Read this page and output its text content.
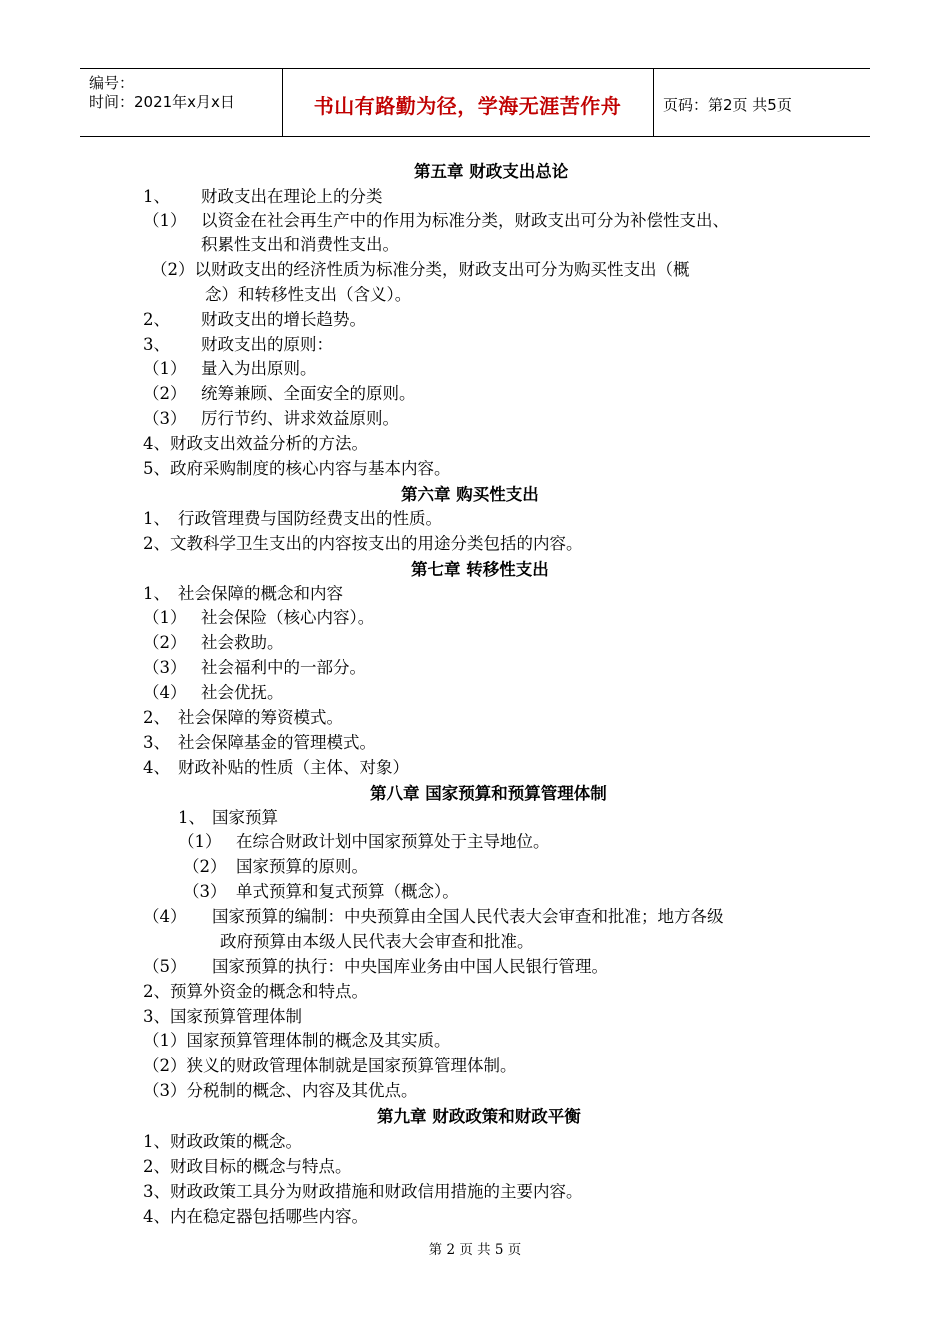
编号：
时间：2021年x月x日	书山有路勤为径，学海无涯苦作舟	页码：第2页 共5页
第五章 财政支出总论
1、 财政支出在理论上的分类
（1） 以资金在社会再生产中的作用为标准分类，财政支出可分为补偿性支出、
积累性支出和消费性支出。
（2）以财政支出的经济性质为标准分类，财政支出可分为购买性支出（概
念）和转移性支出（含义）。
2、 财政支出的增长趋势。
3、 财政支出的原则：
（1） 量入为出原则。
（2） 统筹兼顾、全面安全的原则。
（3） 厉行节约、讲求效益原则。
4、财政支出效益分析的方法。
5、政府采购制度的核心内容与基本内容。
第六章 购买性支出
1、 行政管理费与国防经费支出的性质。
2、文教科学卫生支出的内容按支出的用途分类包括的内容。
第七章 转移性支出
1、 社会保障的概念和内容
（1） 社会保险（核心内容）。
（2） 社会救助。
（3） 社会福利中的一部分。
（4） 社会优抚。
2、 社会保障的筹资模式。
3、 社会保障基金的管理模式。
4、 财政补贴的性质（主体、对象）
第八章 国家预算和预算管理体制
1、 国家预算
（1） 在综合财政计划中国家预算处于主导地位。
（2） 国家预算的原则。
（3） 单式预算和复式预算（概念）。
（4） 国家预算的编制：中央预算由全国人民代表大会审查和批准；地方各级
政府预算由本级人民代表大会审查和批准。
（5） 国家预算的执行：中央国库业务由中国人民银行管理。
2、预算外资金的概念和特点。
3、国家预算管理体制
（1）国家预算管理体制的概念及其实质。
（2）狭义的财政管理体制就是国家预算管理体制。
（3）分税制的概念、内容及其优点。
第九章 财政政策和财政平衡
1、财政政策的概念。
2、财政目标的概念与特点。
3、财政政策工具分为财政措施和财政信用措施的主要内容。
4、内在稳定器包括哪些内容。
第 2 页 共 5 页
